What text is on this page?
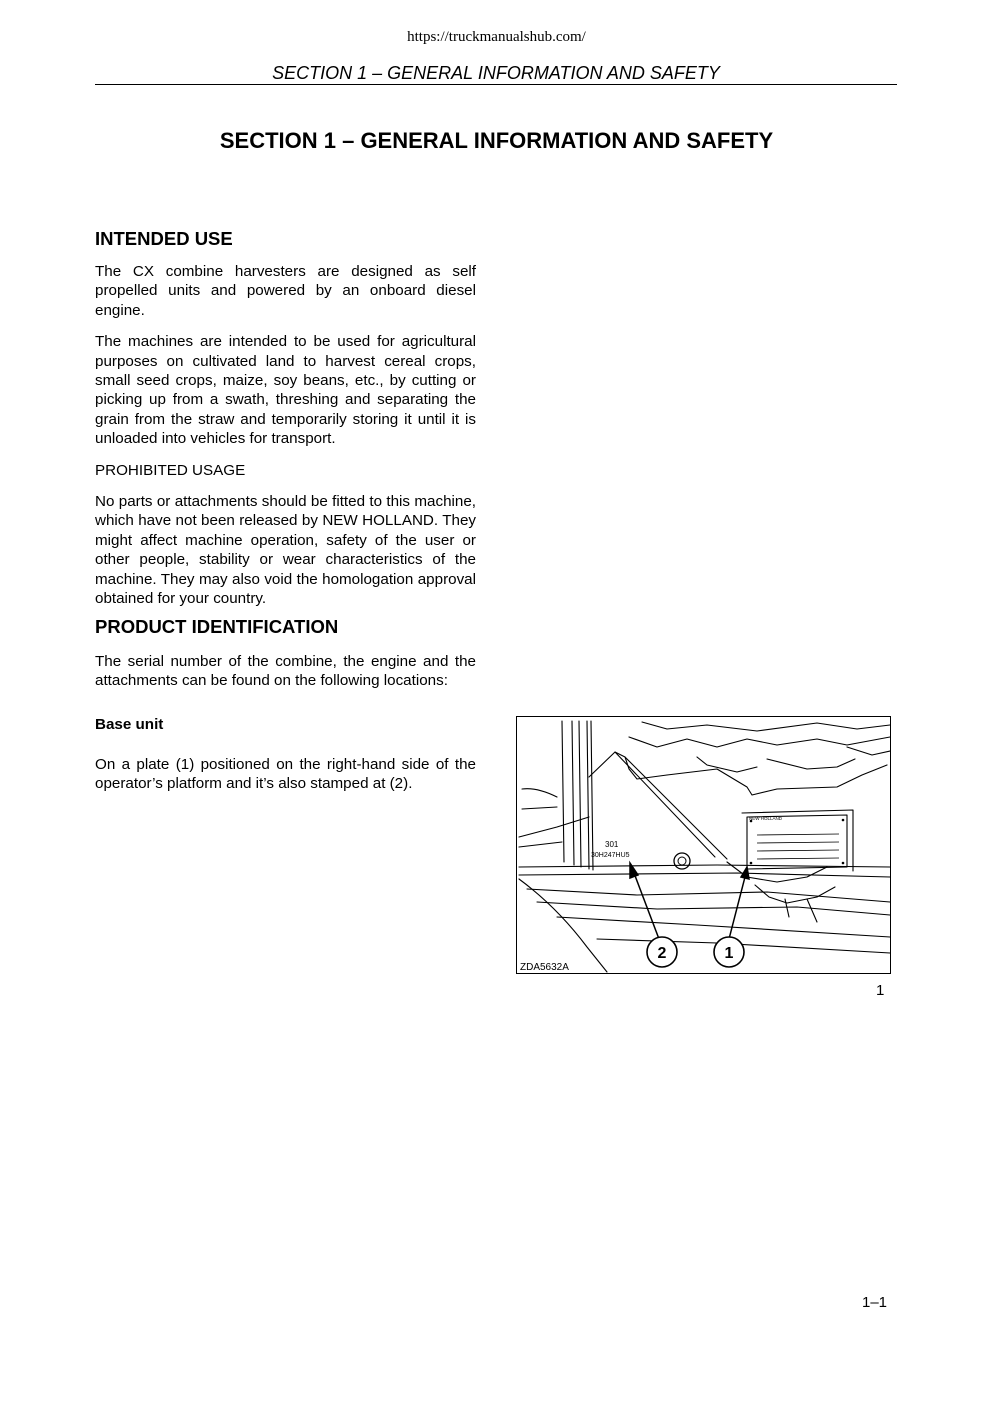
https://truckmanualshub.com/
SECTION 1 – GENERAL INFORMATION AND SAFETY
SECTION 1 – GENERAL INFORMATION AND SAFETY

INTENDED USE

The CX combine harvesters are designed as self propelled units and powered by an onboard diesel engine.

The machines are intended to be used for agricultural purposes on cultivated land to harvest cereal crops, small seed crops, maize, soy beans, etc., by cutting or picking up from a swath, threshing and separating the grain from the straw and temporarily storing it until it is unloaded into vehicles for transport.

PROHIBITED USAGE

No parts or attachments should be fitted to this machine, which have not been released by NEW HOLLAND. They might affect machine operation, safety of the user or other people, stability or wear characteristics of the machine. They may also void the homologation approval obtained for your country.

PRODUCT IDENTIFICATION

The serial number of the combine, the engine and the attachments can be found on the following locations:

Base unit

On a plate (1) positioned on the right-hand side of the operator’s platform and it’s also stamped at (2).

NEW HOLLAND
301
30H247HU5
2	1
ZDA5632A
1
1–1
